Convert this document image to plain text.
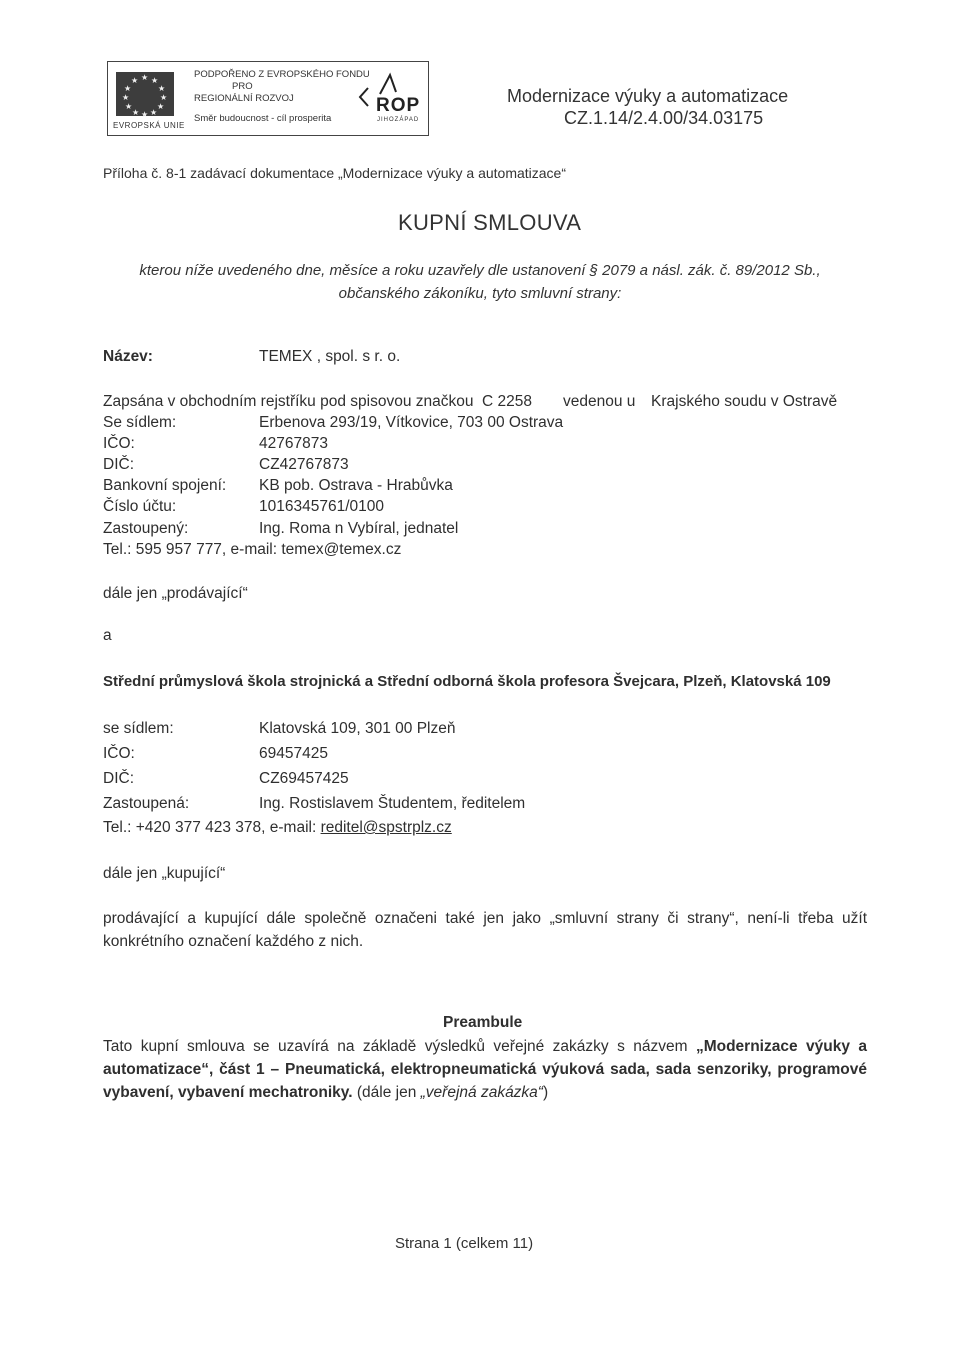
★ ★
★
★
★
★
★
★
★
★
★
★
EVROPSKÁ UNIE
PODPOŘENO Z EVROPSKÉHO FONDU
PRO
REGIONÁLNÍ ROZVOJ
Směr budoucnost - cíl prosperita
ROP
JIHOZÁPAD
Modernizace výuky a automatizace
CZ.1.14/2.4.00/34.03175
Příloha č. 8-1 zadávací dokumentace „Modernizace výuky a automatizace“
KUPNÍ SMLOUVA
kterou níže uvedeného dne, měsíce a roku uzavřely dle ustanovení § 2079 a násl. zák. č. 89/2012 Sb.,
občanského zákoníku, tyto smluvní strany:
Název:	TEMEX , spol. s r. o.
Zapsána v obchodním rejstříku pod spisovou značkou C 2258 vedenou u Krajského soudu v Ostravě
Se sídlem:	Erbenova 293/19, Vítkovice, 703 00 Ostrava
IČO:	42767873
DIČ:	CZ42767873
Bankovní spojení: KB pob. Ostrava - Hrabůvka
Číslo účtu:	1016345761/0100
Zastoupený:	Ing. Roma n Vybíral, jednatel
Tel.: 595 957 777, e-mail: temex@temex.cz
dále jen „prodávající“
a
Střední průmyslová škola strojnická a Střední odborná škola profesora Švejcara, Plzeň, Klatovská 109
se sídlem:	Klatovská 109, 301 00 Plzeň
IČO:	69457425
DIČ:	CZ69457425
Zastoupená:	Ing. Rostislavem Študentem, ředitelem
Tel.: +420 377 423 378, e-mail: reditel@spstrplz.cz
dále jen „kupující“
prodávající a kupující dále společně označeni také jen jako „smluvní strany či strany“, není-li třeba užít
konkrétního označení každého z nich.
Preambule
Tato kupní smlouva se uzavírá na základě výsledků veřejné zakázky s názvem „Modernizace výuky a automatizace“, část 1 – Pneumatická, elektropneumatická výuková sada, sada senzoriky, programové vybavení, vybavení mechatroniky. (dále jen „veřejná zakázka“)
Strana 1 (celkem 11)
